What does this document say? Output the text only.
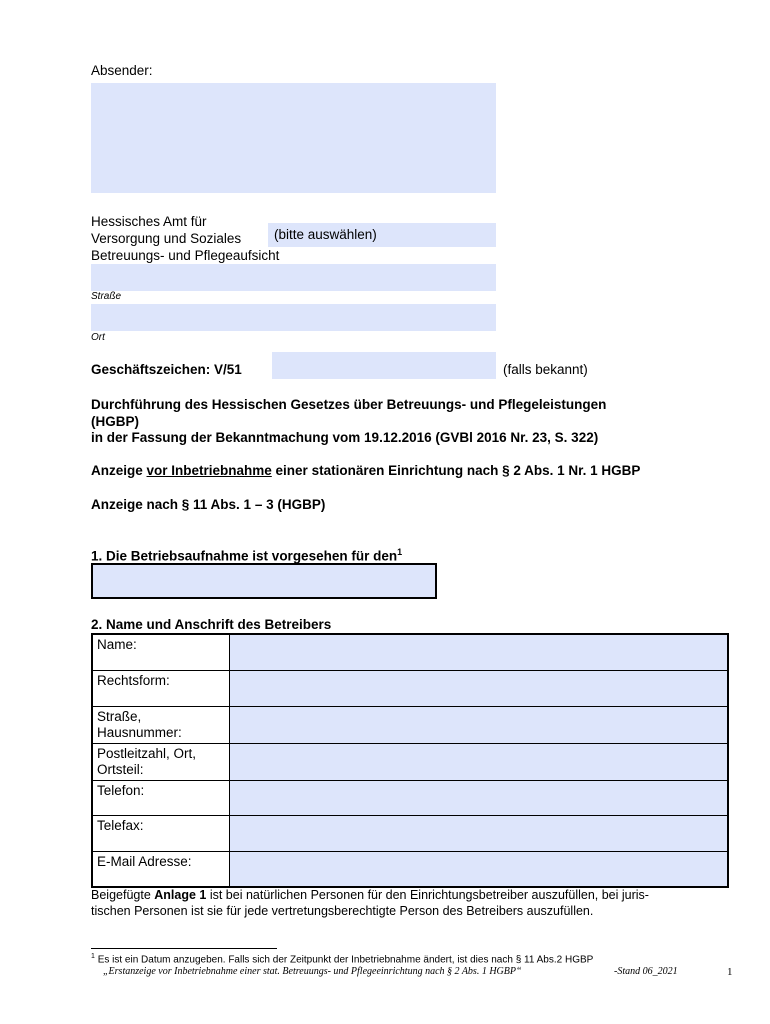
Absender:
Hessisches Amt für
Versorgung und Soziales	(bitte auswählen)
Betreuungs- und Pflegeaufsicht
Straße
Ort
Geschäftszeichen: V/51	(falls bekannt)
Durchführung des Hessischen Gesetzes über Betreuungs- und Pflegeleistungen
(HGBP)
in der Fassung der Bekanntmachung vom 19.12.2016 (GVBl 2016 Nr. 23, S. 322)
Anzeige vor Inbetriebnahme einer stationären Einrichtung nach § 2 Abs. 1 Nr. 1 HGBP
Anzeige nach § 11 Abs. 1 – 3 (HGBP)
1. Die Betriebsaufnahme ist vorgesehen für den$^1$
2. Name und Anschrift des Betreibers
Name:	
Rechtsform:	
Straße, Hausnummer:	
Postleitzahl, Ort, Ortsteil:	
Telefon:	
Telefax:	
E-Mail Adresse:	
Beigefügte Anlage 1 ist bei natürlichen Personen für den Einrichtungsbetreiber auszufüllen, bei juris-
tischen Personen ist sie für jede vertretungsberechtigte Person des Betreibers auszufüllen.
$^1$ Es ist ein Datum anzugeben. Falls sich der Zeitpunkt der Inbetriebnahme ändert, ist dies nach § 11 Abs.2 HGBP
„Erstanzeige vor Inbetriebnahme einer stat. Betreuungs- und Pflegeeinrichtung nach § 2 Abs. 1 HGBP“	-Stand 06_2021	1
